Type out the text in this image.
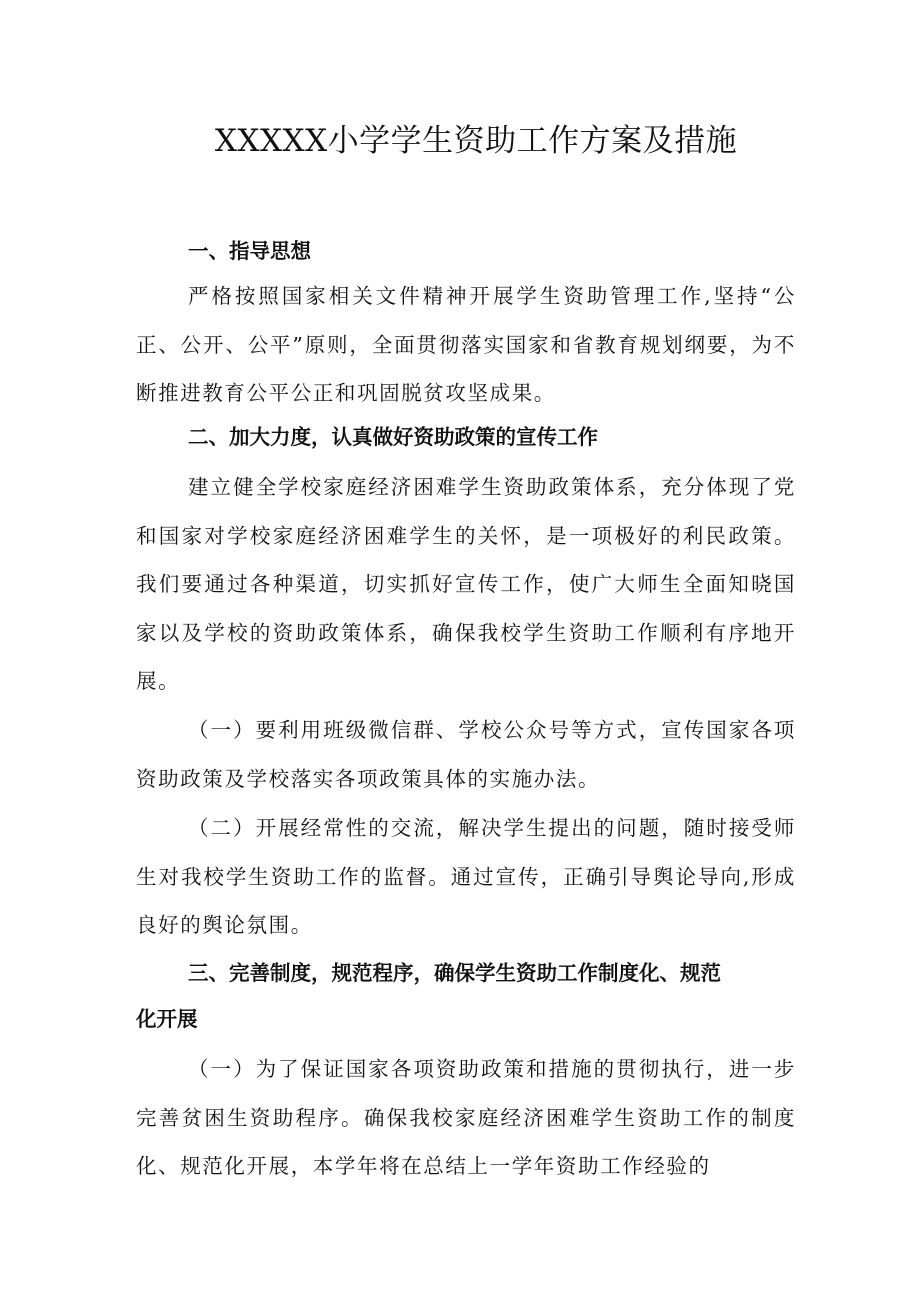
XXXXX小学学生资助工作方案及措施
一、指导思想

严格按照国家相关文件精神开展学生资助管理工作,坚持“公正、公开、公平”原则，全面贯彻落实国家和省教育规划纲要，为不断推进教育公平公正和巩固脱贫攻坚成果。

二、加大力度，认真做好资助政策的宣传工作

建立健全学校家庭经济困难学生资助政策体系，充分体现了党和国家对学校家庭经济困难学生的关怀，是一项极好的利民政策。我们要通过各种渠道，切实抓好宣传工作，使广大师生全面知晓国家以及学校的资助政策体系，确保我校学生资助工作顺利有序地开展。

（一）要利用班级微信群、学校公众号等方式，宣传国家各项资助政策及学校落实各项政策具体的实施办法。

（二）开展经常性的交流，解决学生提出的问题，随时接受师生对我校学生资助工作的监督。通过宣传，正确引导舆论导向,形成良好的舆论氛围。

三、完善制度，规范程序，确保学生资助工作制度化、规范
化开展

（一）为了保证国家各项资助政策和措施的贯彻执行，进一步完善贫困生资助程序。确保我校家庭经济困难学生资助工作的制度化、规范化开展，本学年将在总结上一学年资助工作经验的
